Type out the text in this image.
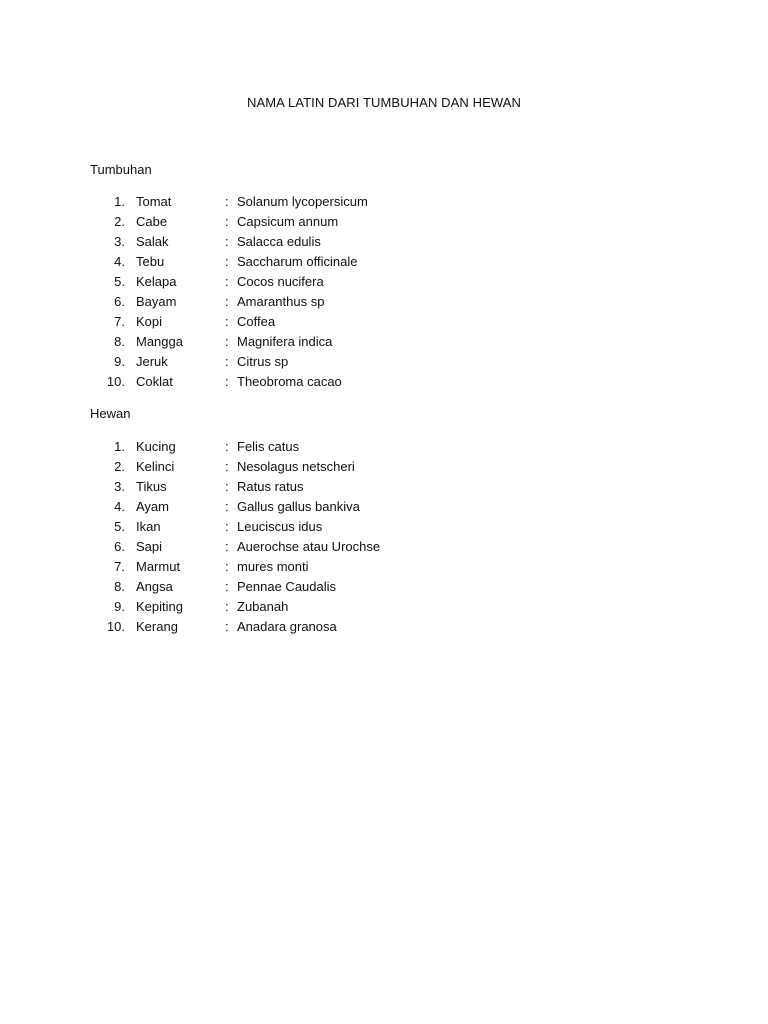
NAMA LATIN DARI TUMBUHAN DAN HEWAN
Tumbuhan
1. Tomat	: Solanum lycopersicum
2. Cabe	: Capsicum annum
3. Salak	: Salacca edulis
4. Tebu	: Saccharum officinale
5. Kelapa	: Cocos nucifera
6. Bayam	: Amaranthus sp
7. Kopi	: Coffea
8. Mangga	: Magnifera indica
9. Jeruk	: Citrus sp
10. Coklat	: Theobroma cacao
Hewan
1. Kucing	: Felis catus
2. Kelinci	: Nesolagus netscheri
3. Tikus	: Ratus ratus
4. Ayam	: Gallus gallus bankiva
5. Ikan	: Leuciscus idus
6. Sapi	: Auerochse atau Urochse
7. Marmut	: mures monti
8. Angsa	: Pennae Caudalis
9. Kepiting	: Zubanah
10. Kerang	: Anadara granosa
